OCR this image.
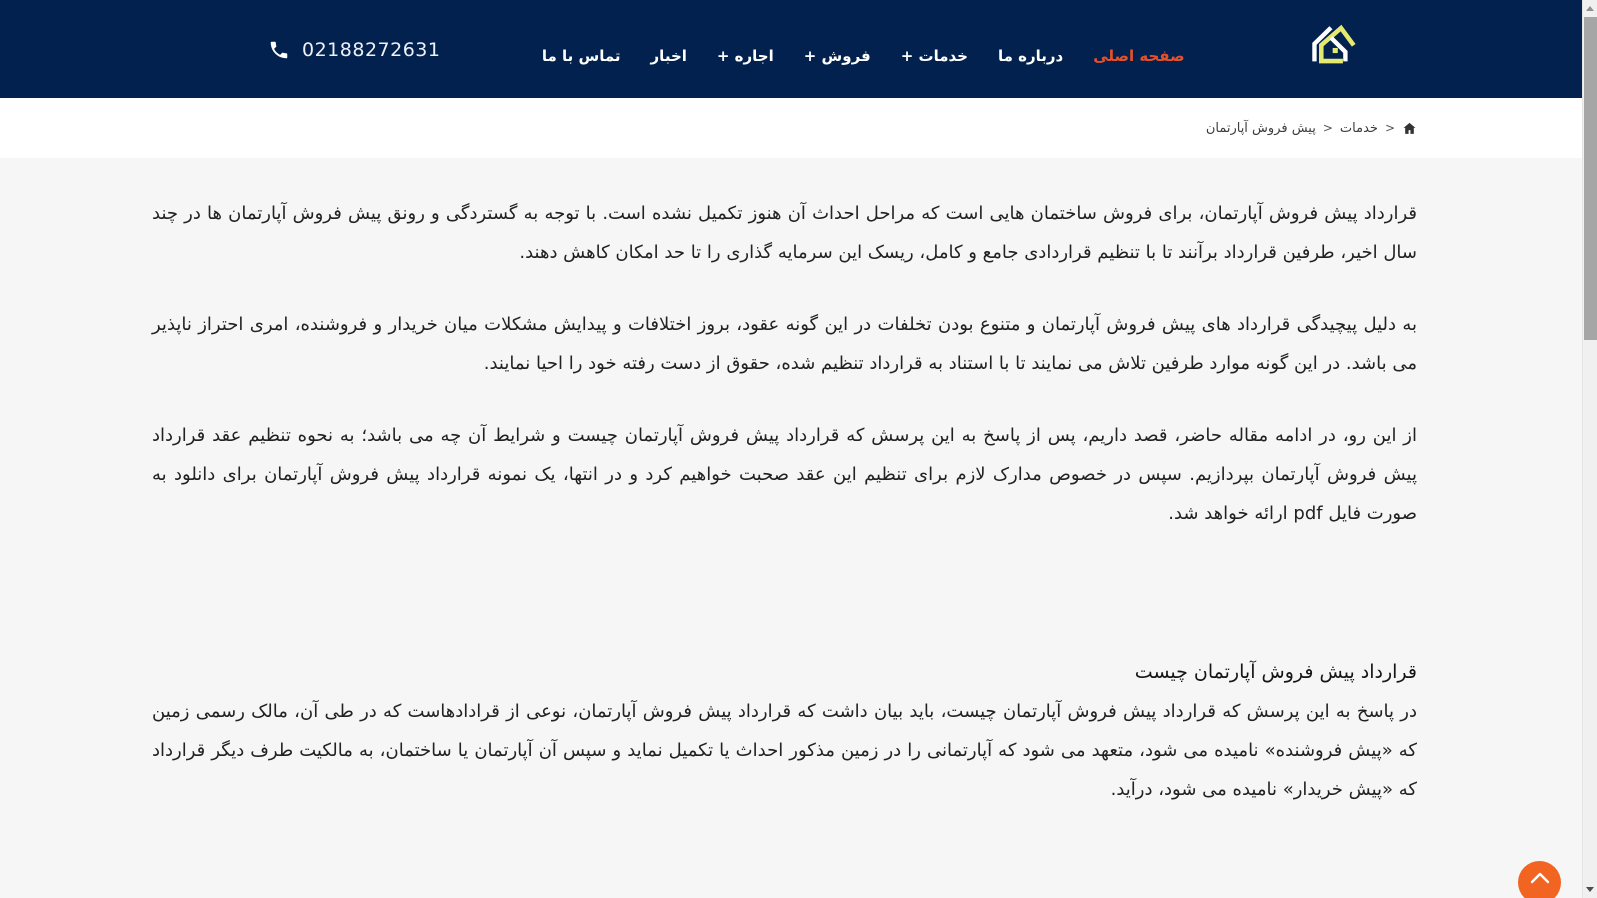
صفحه اصلی
درباره ما
خدمات +
فروش +
اجاره +
اخبار
تماس با ما
02188272631
>
خدمات
>
پیش فروش آپارتمان

قرارداد پیش فروش آپارتمان، برای فروش ساختمان هایی است که مراحل احداث آن هنوز تکمیل نشده است. با توجه به گستردگی و رونق پیش فروش آپارتمان ها در چند سال اخیر، طرفین قرارداد برآنند تا با تنظیم قراردادی جامع و کامل، ریسک این سرمایه گذاری را تا حد امکان کاهش دهند.

به دلیل پیچیدگی قرارداد های پیش فروش آپارتمان و متنوع بودن تخلفات در این گونه عقود، بروز اختلافات و پیدایش مشکلات میان خریدار و فروشنده، امری احتراز ناپذیر می باشد. در این گونه موارد طرفین تلاش می نمایند تا با استناد به قرارداد تنظیم شده، حقوق از دست رفته خود را احیا نمایند.

از این رو، در ادامه مقاله حاضر، قصد داریم، پس از پاسخ به این پرسش که قرارداد پیش فروش آپارتمان چیست و شرایط آن چه می باشد؛ به نحوه تنظیم عقد قرارداد پیش فروش آپارتمان بپردازیم. سپس در خصوص مدارک لازم برای تنظیم این عقد صحبت خواهیم کرد و در انتها، یک نمونه قرارداد پیش فروش آپارتمان برای دانلود به صورت فایل pdf ارائه خواهد شد.

قرارداد پیش فروش آپارتمان چیست

در پاسخ به این پرسش که قرارداد پیش فروش آپارتمان چیست، باید بیان داشت که قرارداد پیش فروش آپارتمان، نوعی از قرادادهاست که در طی آن، مالک رسمی زمین که «پیش فروشنده» نامیده می شود، متعهد می شود که آپارتمانی را در زمین مذکور احداث یا تکمیل نماید و سپس آن آپارتمان یا ساختمان، به مالکیت طرف دیگر قرارداد که «پیش خریدار» نامیده می شود، درآید.
